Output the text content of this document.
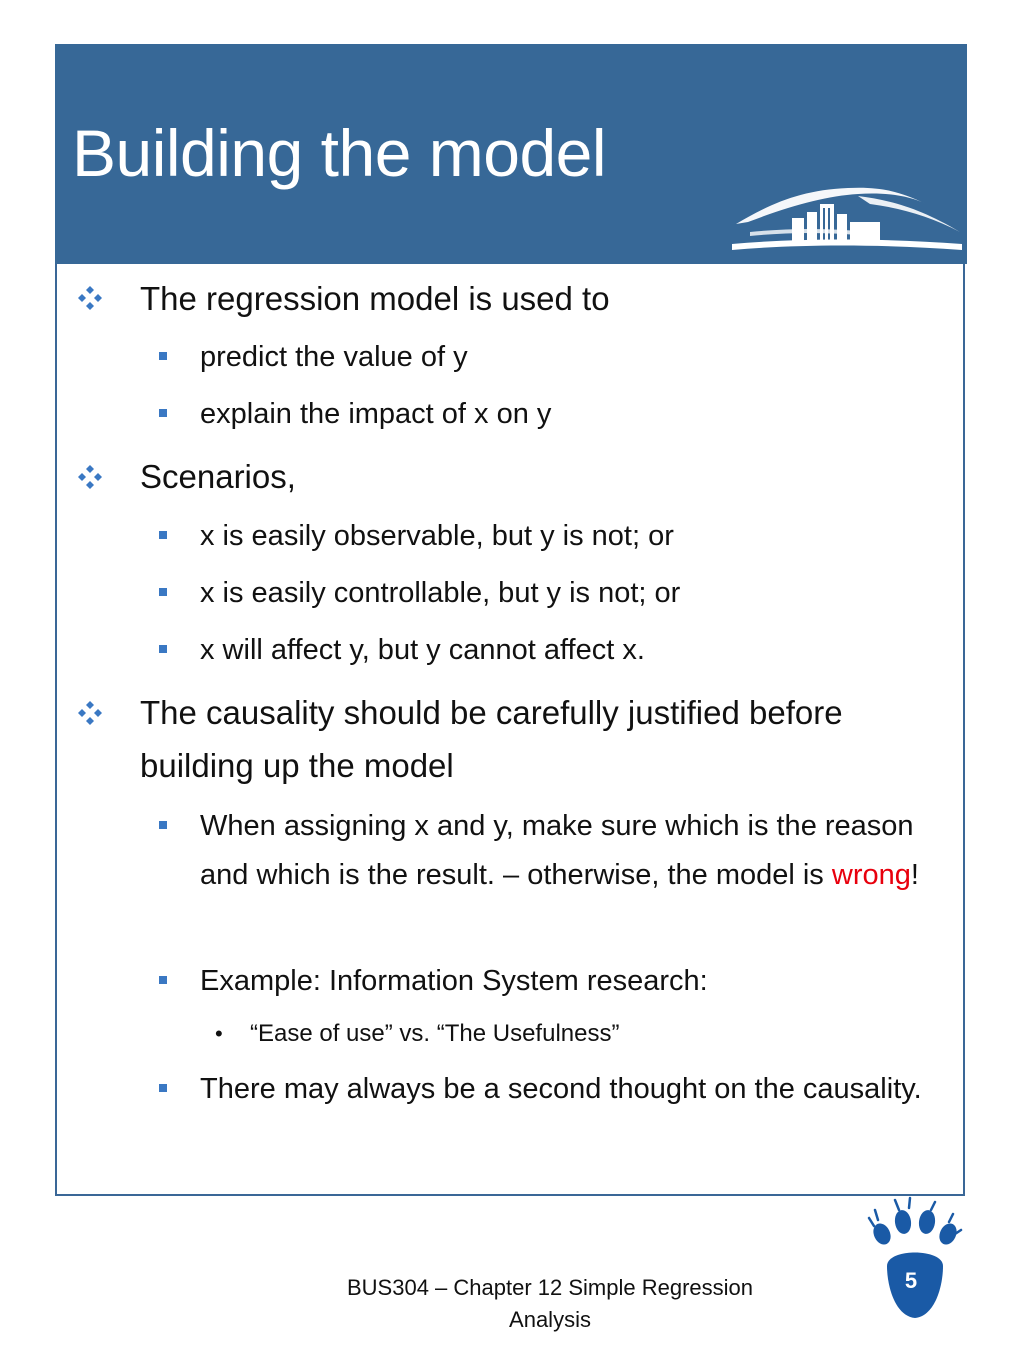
Building the model

The regression model is used to

predict the value of y

explain the impact of x on y

Scenarios,

x is easily observable, but y is not; or

x is easily controllable, but y is not; or

x will affect y, but y cannot affect x.

The causality should be carefully justified before building up the model

When assigning x and y, make sure which is the reason and which is the result. – otherwise, the model is wrong!

Example: Information System research:

• “Ease of use” vs. “The Usefulness”

There may always be a second thought on the causality.

BUS304 – Chapter 12 Simple Regression
Analysis
5
